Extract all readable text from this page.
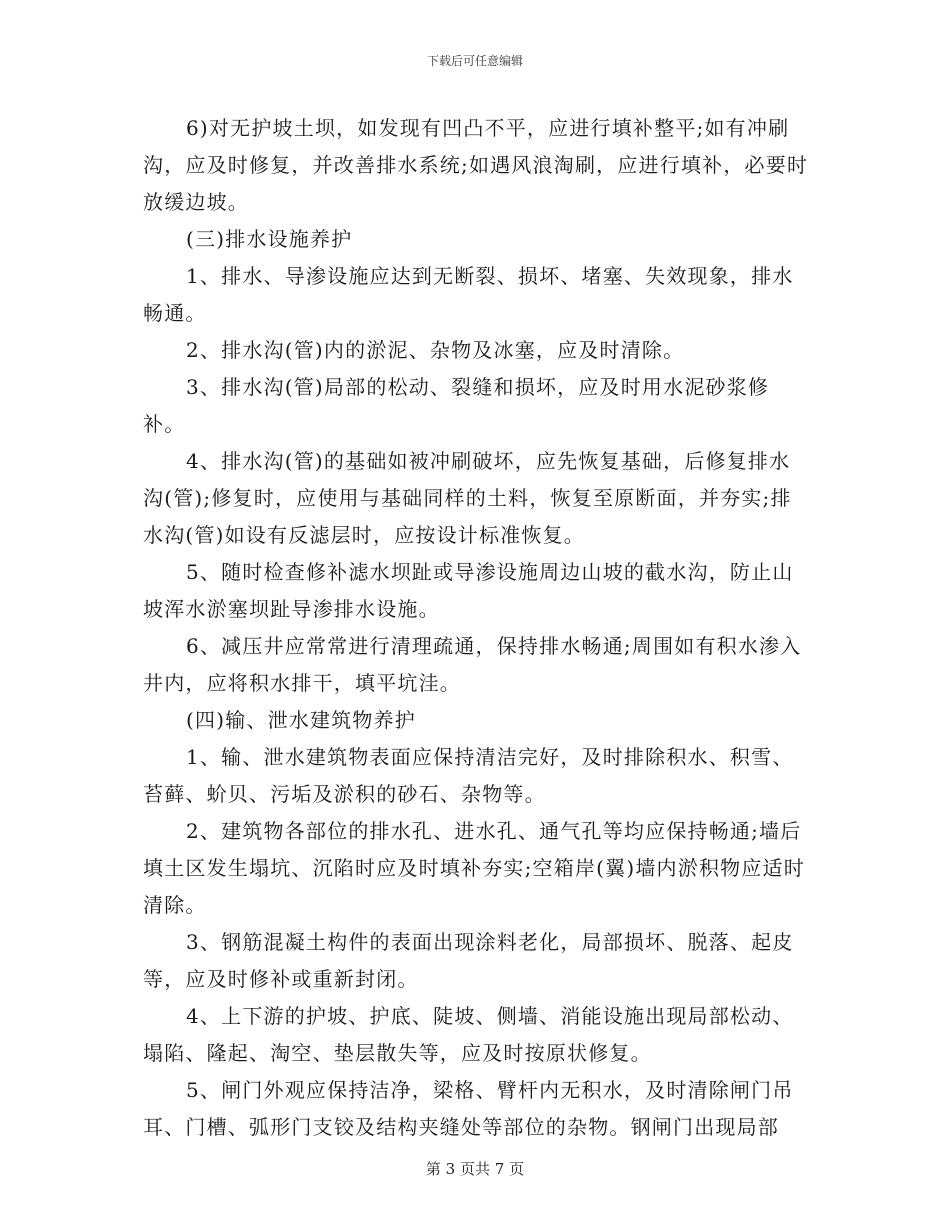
下载后可任意编辑

6)对无护坡土坝，如发现有凹凸不平，应进行填补整平;如有冲刷沟，应及时修复，并改善排水系统;如遇风浪淘刷，应进行填补，必要时放缓边坡。

(三)排水设施养护

1、排水、导渗设施应达到无断裂、损坏、堵塞、失效现象，排水畅通。

2、排水沟(管)内的淤泥、杂物及冰塞，应及时清除。

3、排水沟(管)局部的松动、裂缝和损坏，应及时用水泥砂浆修补。

4、排水沟(管)的基础如被冲刷破坏，应先恢复基础，后修复排水沟(管);修复时，应使用与基础同样的土料，恢复至原断面，并夯实;排水沟(管)如设有反滤层时，应按设计标准恢复。

5、随时检查修补滤水坝趾或导渗设施周边山坡的截水沟，防止山坡浑水淤塞坝趾导渗排水设施。

6、减压井应常常进行清理疏通，保持排水畅通;周围如有积水渗入井内，应将积水排干，填平坑洼。

(四)输、泄水建筑物养护

1、输、泄水建筑物表面应保持清洁完好，及时排除积水、积雪、苔藓、蚧贝、污垢及淤积的砂石、杂物等。

2、建筑物各部位的排水孔、进水孔、通气孔等均应保持畅通;墙后填土区发生塌坑、沉陷时应及时填补夯实;空箱岸(翼)墙内淤积物应适时清除。

3、钢筋混凝土构件的表面出现涂料老化，局部损坏、脱落、起皮等，应及时修补或重新封闭。

4、上下游的护坡、护底、陡坡、侧墙、消能设施出现局部松动、塌陷、隆起、淘空、垫层散失等，应及时按原状修复。

5、闸门外观应保持洁净，梁格、臂杆内无积水，及时清除闸门吊耳、门槽、弧形门支铰及结构夹缝处等部位的杂物。钢闸门出现局部

第 3 页共 7 页
